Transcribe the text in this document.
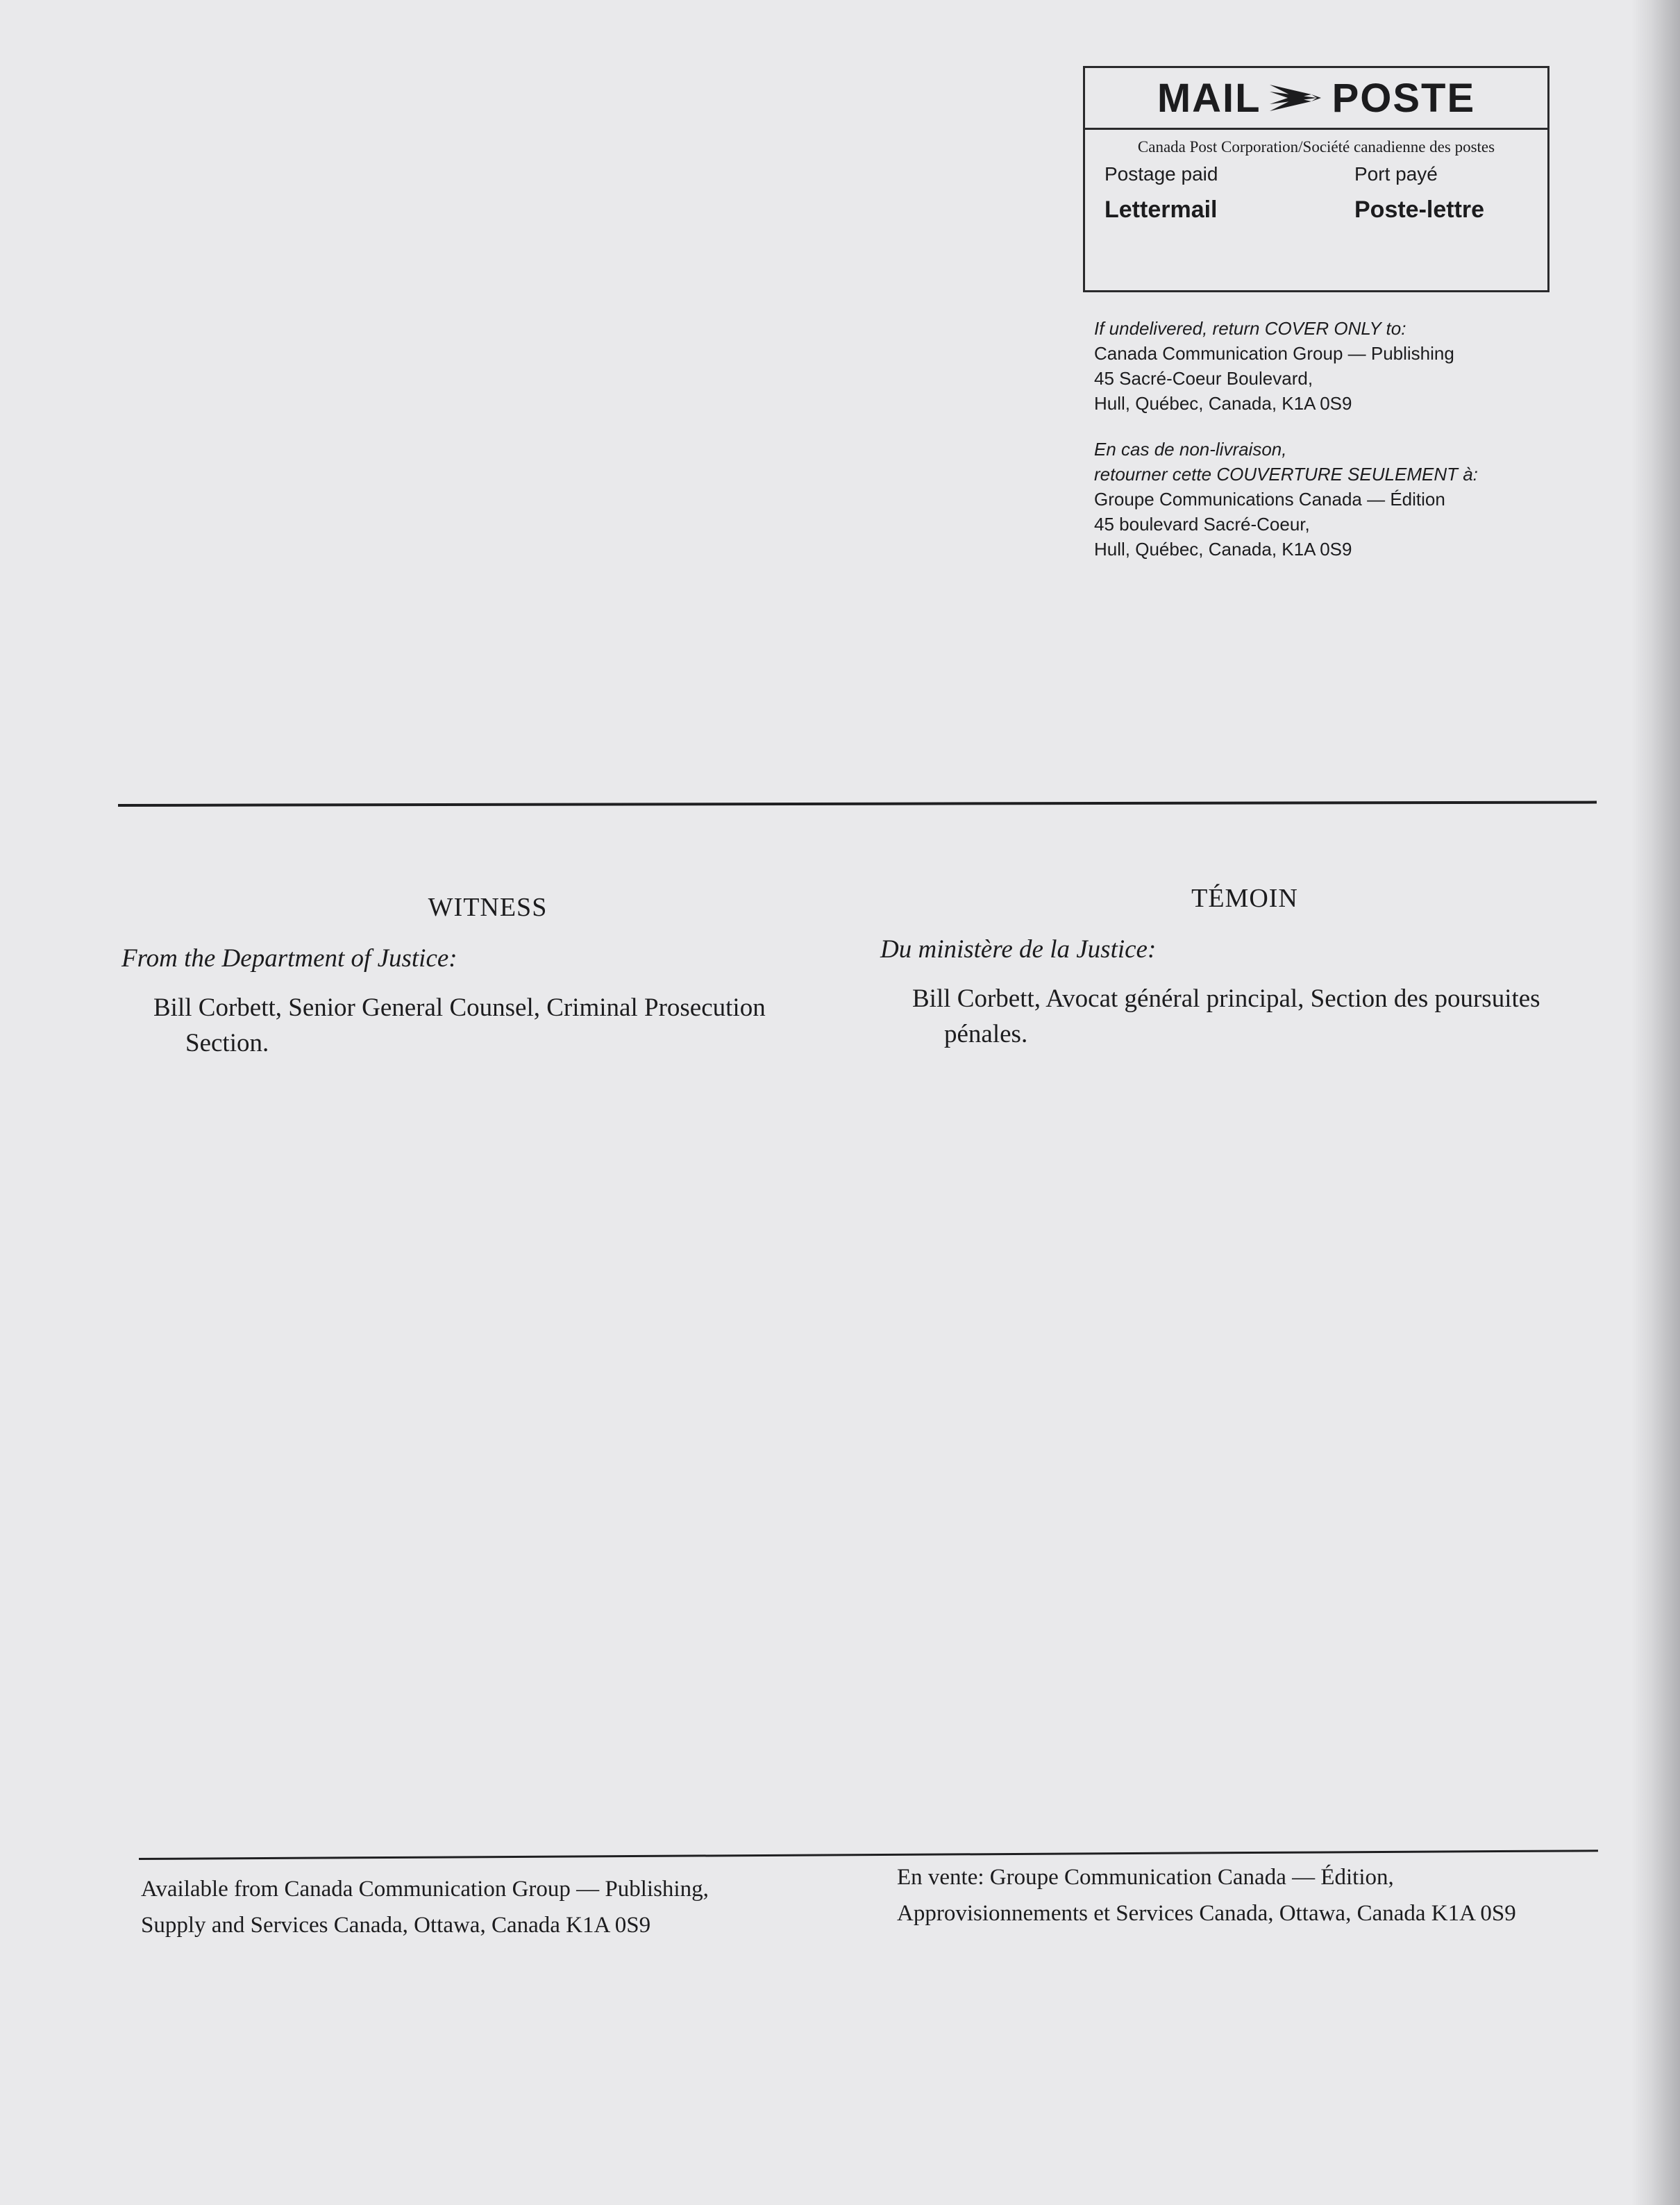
MAIL POSTE
Canada Post Corporation/Société canadienne des postes
Postage paid	Port payé
Lettermail	Poste-lettre
If undelivered, return COVER ONLY to:
Canada Communication Group — Publishing
45 Sacré-Coeur Boulevard,
Hull, Québec, Canada, K1A 0S9
En cas de non-livraison,
retourner cette COUVERTURE SEULEMENT à:
Groupe Communications Canada — Édition
45 boulevard Sacré-Coeur,
Hull, Québec, Canada, K1A 0S9
WITNESS
From the Department of Justice:
Bill Corbett, Senior General Counsel, Criminal Prosecution Section.
TÉMOIN
Du ministère de la Justice:
Bill Corbett, Avocat général principal, Section des poursuites pénales.
Available from Canada Communication Group — Publishing,
Supply and Services Canada, Ottawa, Canada K1A 0S9
En vente: Groupe Communication Canada — Édition,
Approvisionnements et Services Canada, Ottawa, Canada K1A 0S9
